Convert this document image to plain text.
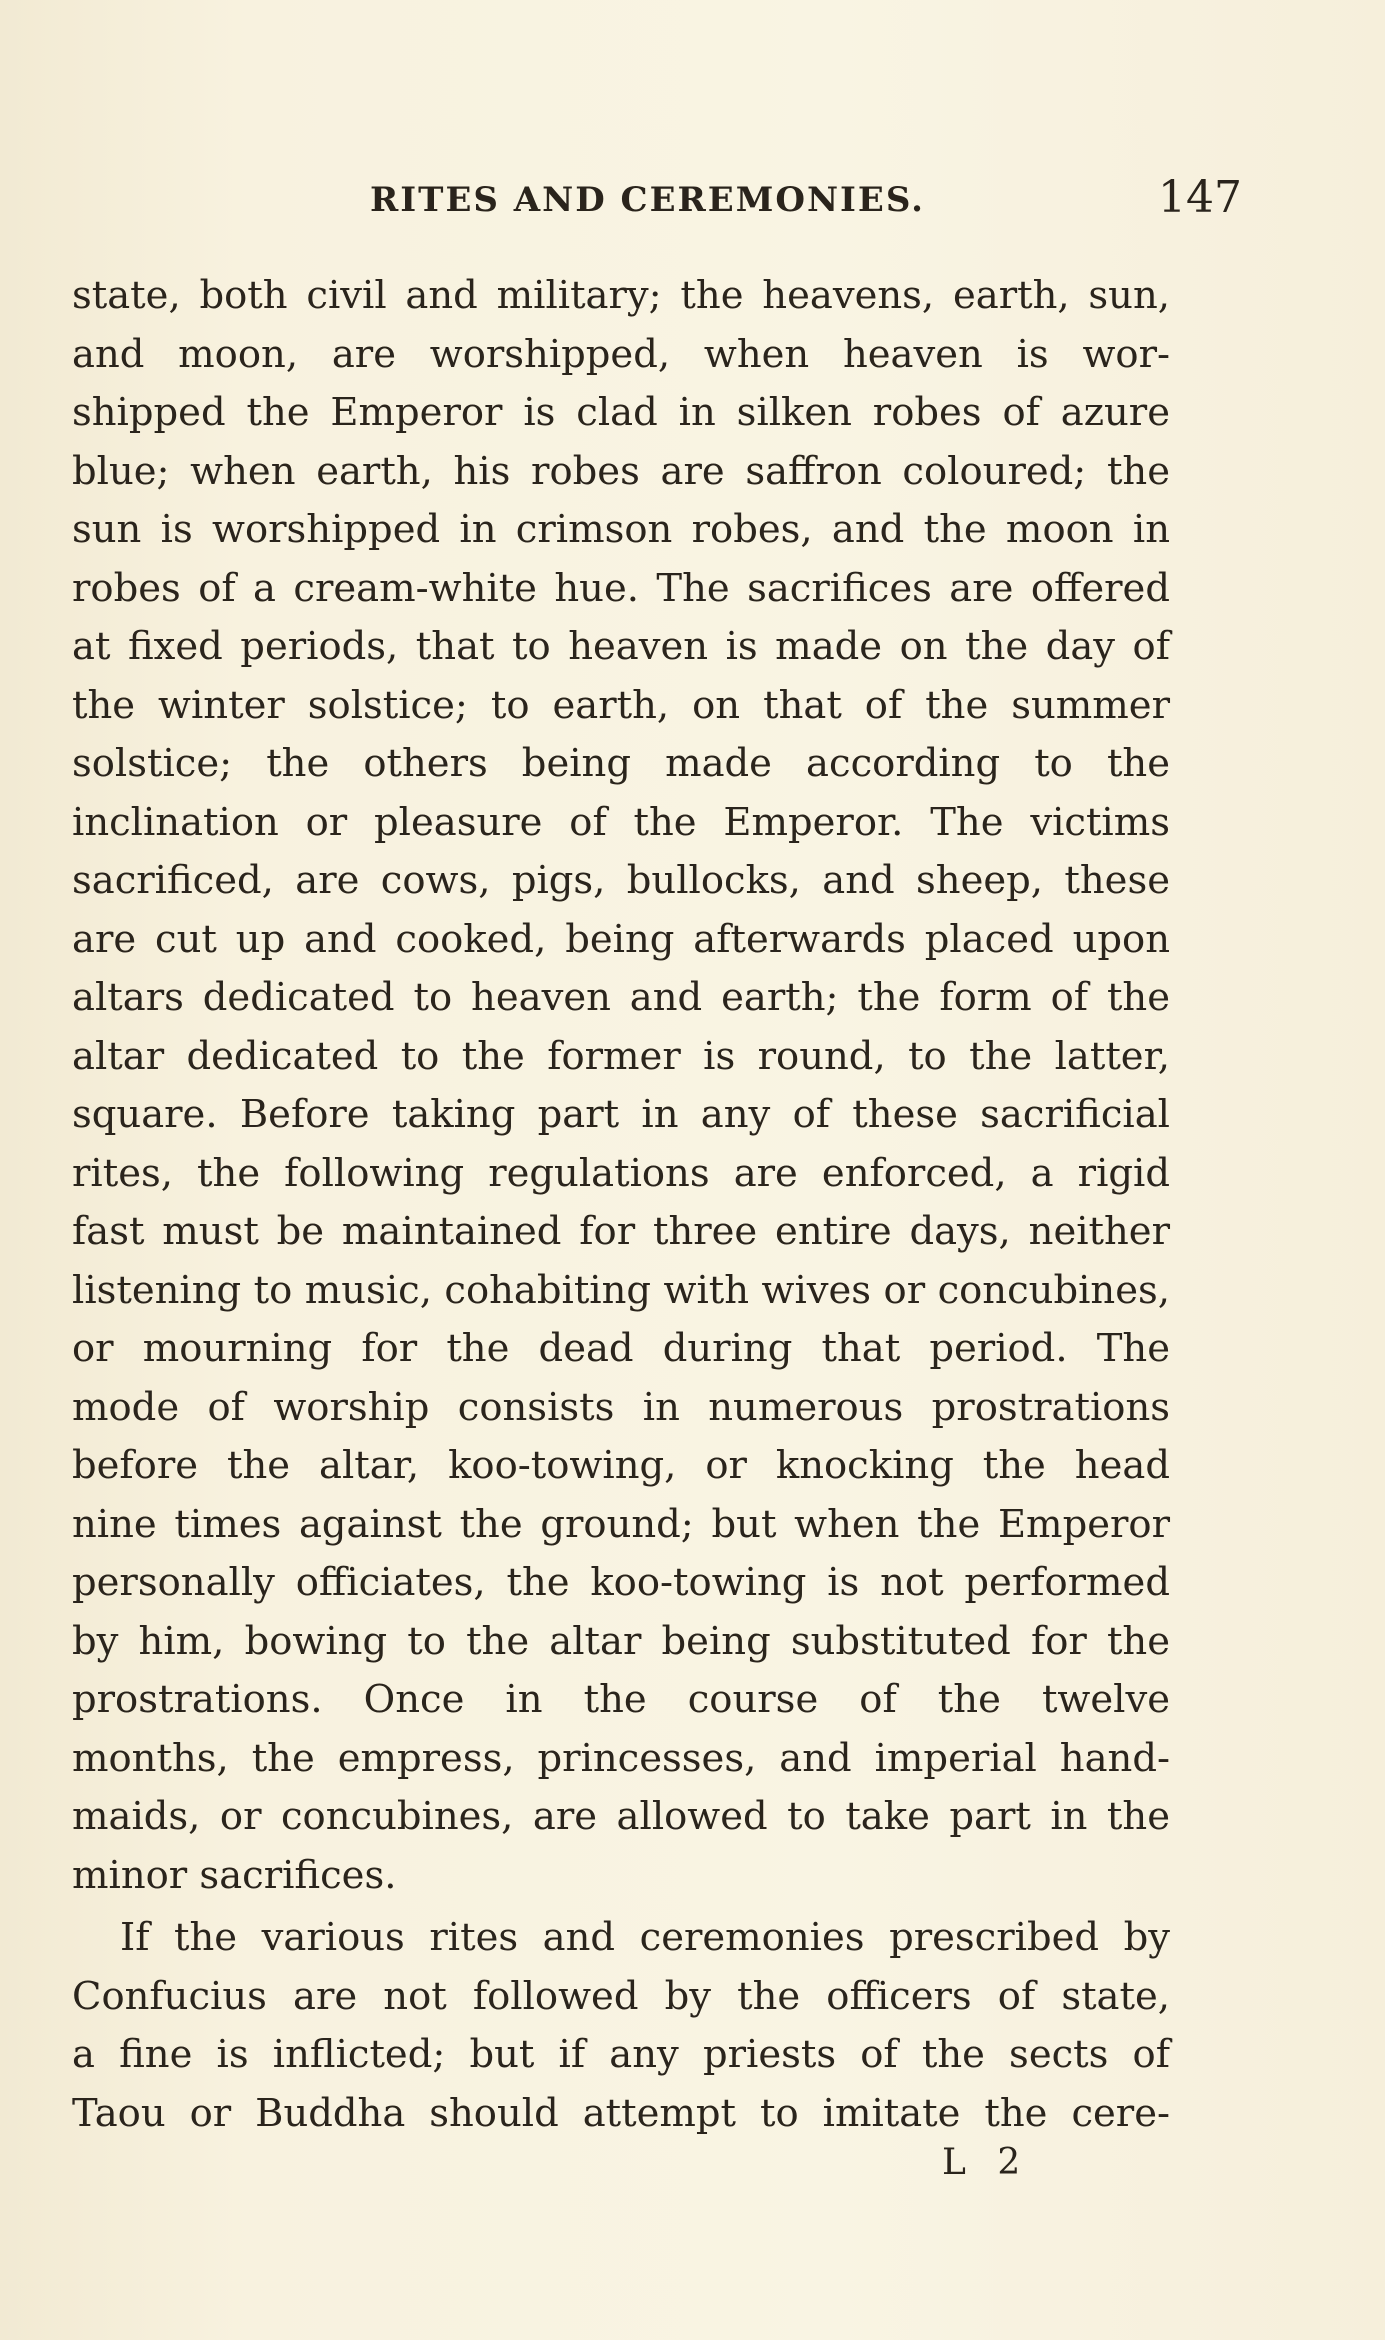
RITES AND CEREMONIES.	147
state, both civil and military; the heavens, earth, sun,
and moon, are worshipped, when heaven is wor-
shipped the Emperor is clad in silken robes of azure
blue; when earth, his robes are saffron coloured; the
sun is worshipped in crimson robes, and the moon in
robes of a cream-white hue. The sacrifices are offered
at fixed periods, that to heaven is made on the day of
the winter solstice; to earth, on that of the summer
solstice; the others being made according to the
inclination or pleasure of the Emperor. The victims
sacrificed, are cows, pigs, bullocks, and sheep, these
are cut up and cooked, being afterwards placed upon
altars dedicated to heaven and earth; the form of the
altar dedicated to the former is round, to the latter,
square. Before taking part in any of these sacrificial
rites, the following regulations are enforced, a rigid
fast must be maintained for three entire days, neither
listening to music, cohabiting with wives or concubines,
or mourning for the dead during that period. The
mode of worship consists in numerous prostrations
before the altar, koo-towing, or knocking the head
nine times against the ground; but when the Emperor
personally officiates, the koo-towing is not performed
by him, bowing to the altar being substituted for the
prostrations. Once in the course of the twelve
months, the empress, princesses, and imperial hand-
maids, or concubines, are allowed to take part in the
minor sacrifices.
If the various rites and ceremonies prescribed by
Confucius are not followed by the officers of state,
a fine is inflicted; but if any priests of the sects of
Taou or Buddha should attempt to imitate the cere-
L 2
